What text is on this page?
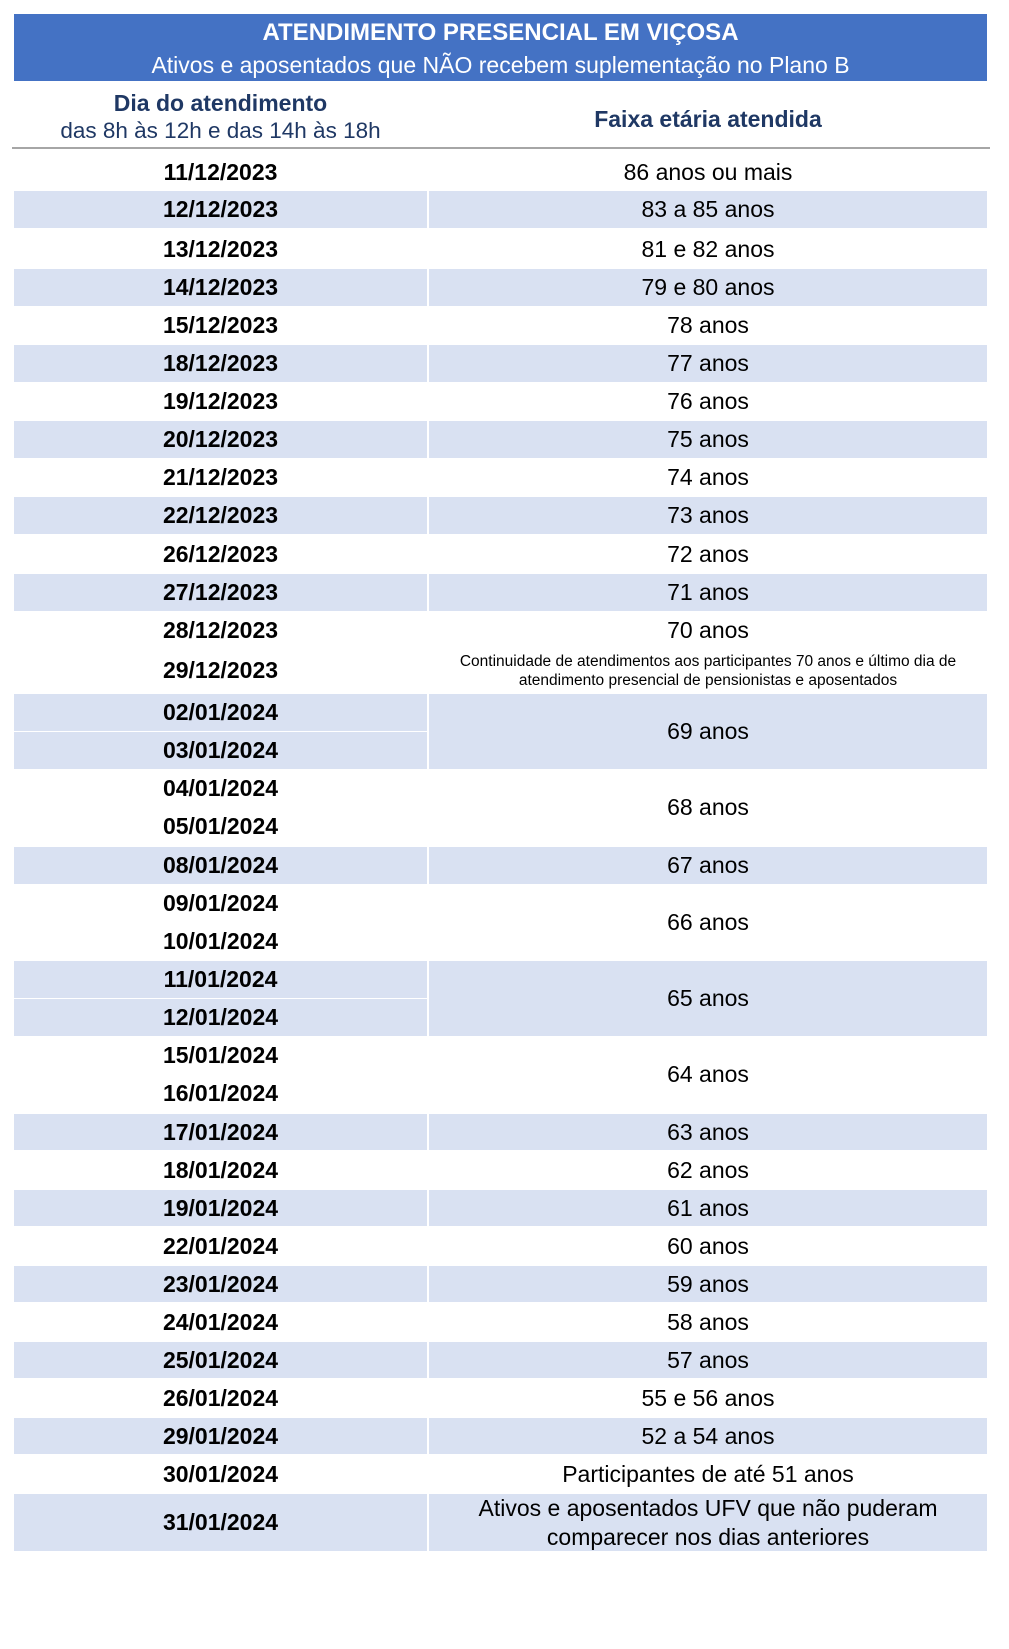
ATENDIMENTO PRESENCIAL EM VIÇOSA
Ativos e aposentados que NÃO recebem suplementação no Plano B
Dia do atendimento
das 8h às 12h e das 14h às 18h	Faixa etária atendida
11/12/2023
12/12/2023
13/12/2023
14/12/2023
15/12/2023
18/12/2023
19/12/2023
20/12/2023
21/12/2023
22/12/2023
26/12/2023
27/12/2023
28/12/2023
29/12/2023
02/01/2024
03/01/2024
04/01/2024
05/01/2024
08/01/2024
09/01/2024
10/01/2024
11/01/2024
12/01/2024
15/01/2024
16/01/2024
17/01/2024
18/01/2024
19/01/2024
22/01/2024
23/01/2024
24/01/2024
25/01/2024
26/01/2024
29/01/2024
30/01/2024
31/01/2024
86 anos ou mais
83 a 85 anos
81 e 82 anos
79 e 80 anos
78 anos
77 anos
76 anos
75 anos
74 anos
73 anos
72 anos
71 anos
70 anos
Continuidade de atendimentos aos participantes 70 anos e último dia de atendimento presencial de pensionistas e aposentados
69 anos
68 anos
67 anos
66 anos
65 anos
64 anos
63 anos
62 anos
61 anos
60 anos
59 anos
58 anos
57 anos
55 e 56 anos
52 a 54 anos
Participantes de até 51 anos
Ativos e aposentados UFV que não puderam comparecer nos dias anteriores
